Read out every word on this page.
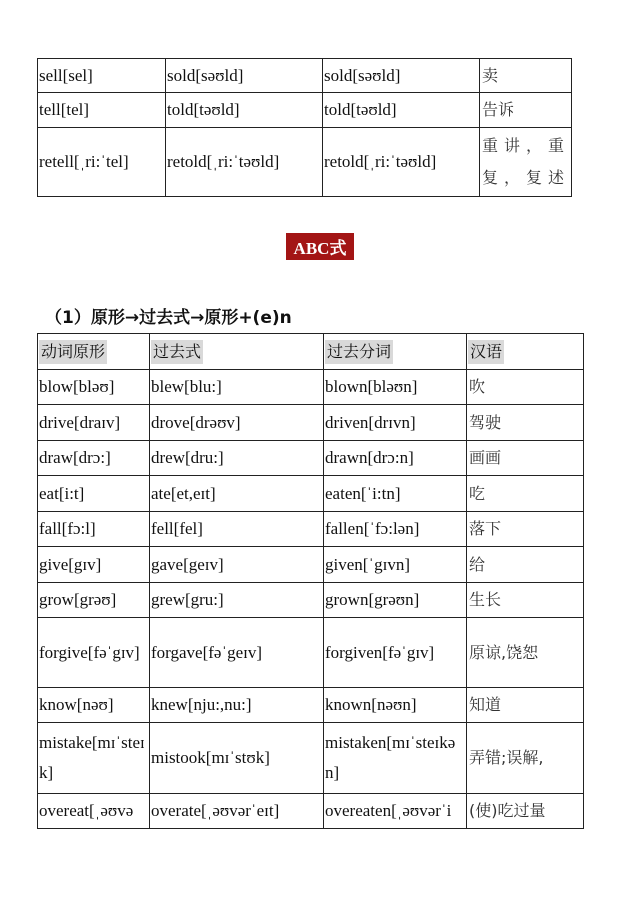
sell[sel]	sold[səʊld]	sold[səʊld]	卖
tell[tel]	told[təʊld]	told[təʊld]	告诉
retell[ˌri:ˈtel]	retold[ˌri:ˈtəʊld]	retold[ˌri:ˈtəʊld]	重讲，重复，复述
ABC式
（1）原形→过去式→原形+(e)n
动词原形	过去式	过去分词	汉语
blow[bləʊ]	blew[blu:]	blown[bləʊn]	吹
drive[draɪv]	drove[drəʊv]	driven[drɪvn]	驾驶
draw[drɔ:]	drew[dru:]	drawn[drɔ:n]	画画
eat[i:t]	ate[et,eɪt]	eaten[ˈi:tn]	吃
fall[fɔ:l]	fell[fel]	fallen[ˈfɔ:lən]	落下
give[gɪv]	gave[geɪv]	given[ˈgɪvn]	给
grow[grəʊ]	grew[gru:]	grown[grəʊn]	生长
forgive[fəˈgɪv]	forgave[fəˈgeɪv]	forgiven[fəˈgɪv]	原谅,饶恕
know[nəʊ]	knew[nju:,nu:]	known[nəʊn]	知道
mistake[mɪˈsteɪk]	mistook[mɪˈstʊk]	mistaken[mɪˈsteɪkən]	弄错;误解,
overeat[ˌəʊvə	overate[ˌəʊvərˈeɪt]	overeaten[ˌəʊvərˈi	(使)吃过量
